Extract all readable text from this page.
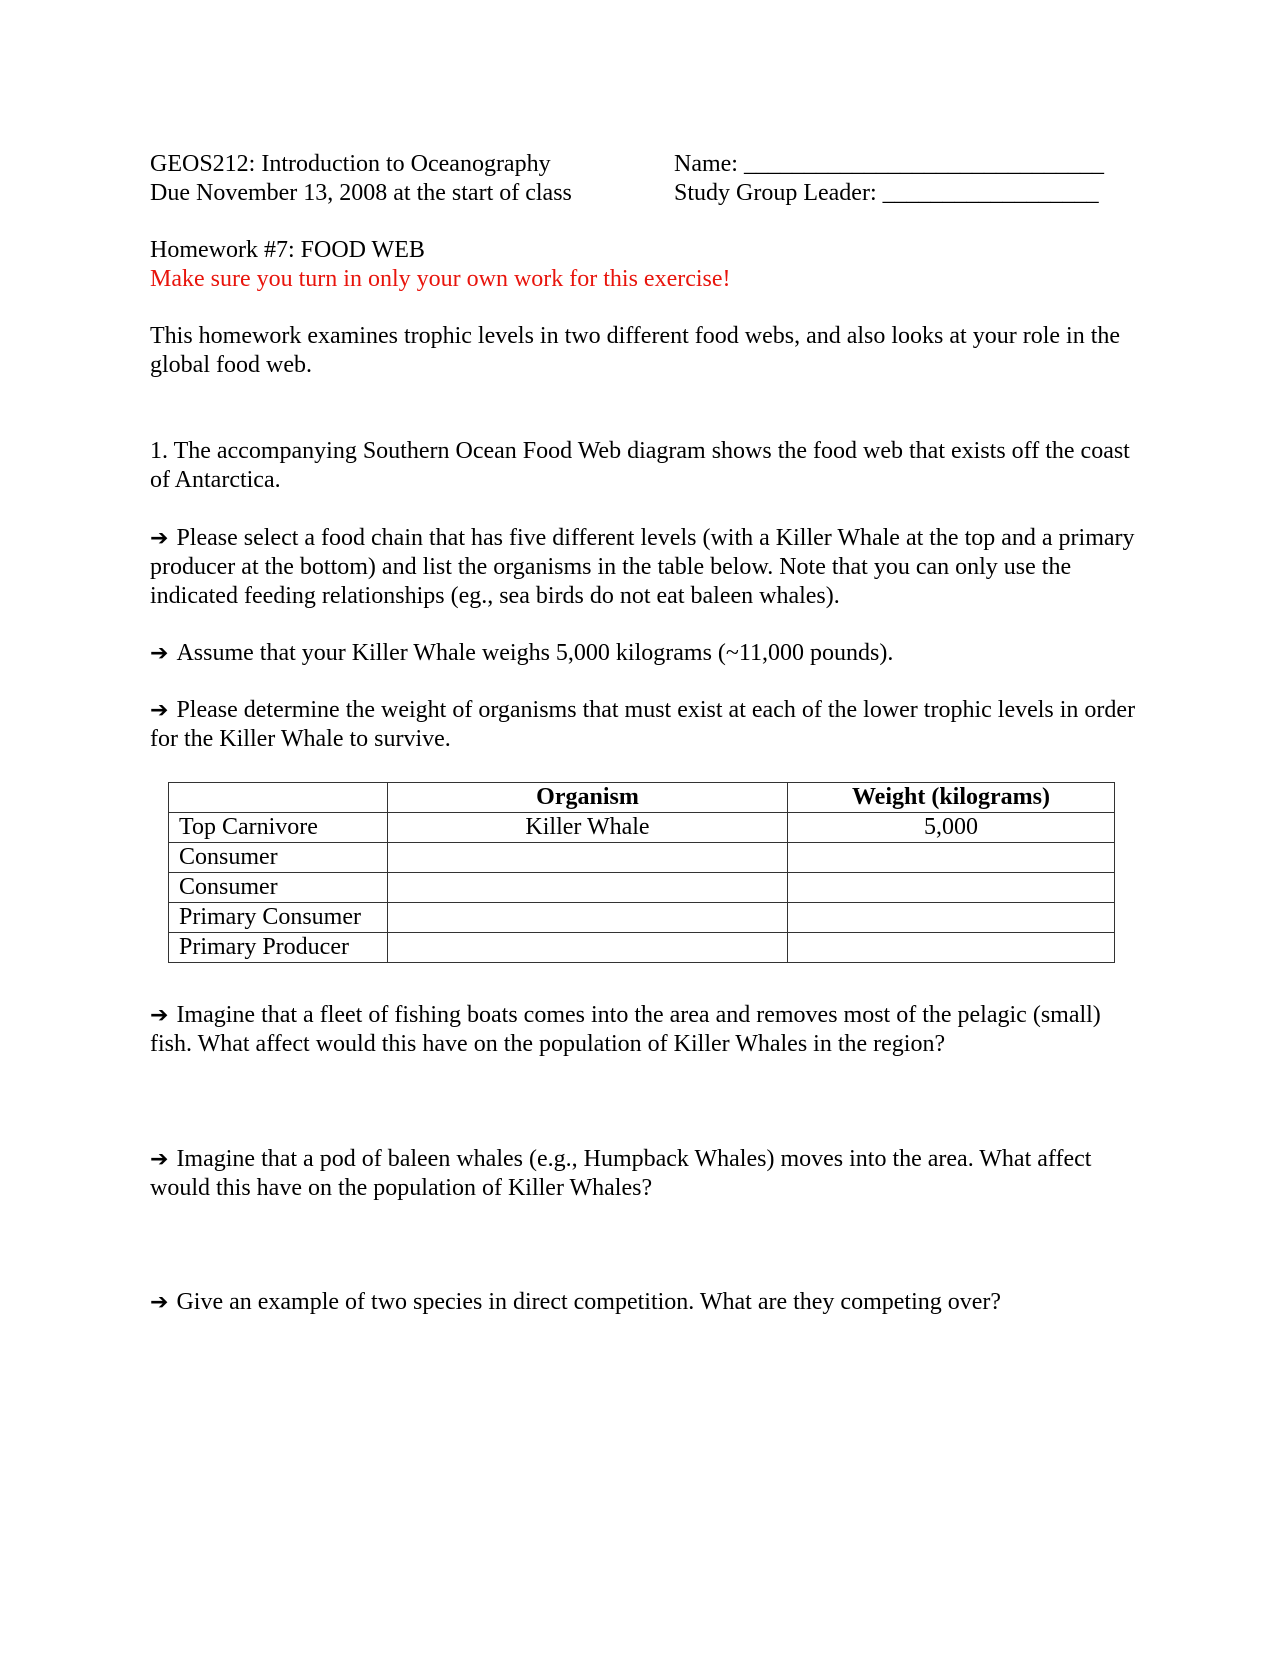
GEOS212: Introduction to Oceanography
Due November 13, 2008 at the start of class
Name: ______________________________
Study Group Leader: __________________
Homework #7: FOOD WEB
Make sure you turn in only your own work for this exercise!
This homework examines trophic levels in two different food webs, and also looks at your role in the global food web.
1. The accompanying Southern Ocean Food Web diagram shows the food web that exists off the coast of Antarctica.
➔ Please select a food chain that has five different levels (with a Killer Whale at the top and a primary producer at the bottom) and list the organisms in the table below. Note that you can only use the indicated feeding relationships (eg., sea birds do not eat baleen whales).
➔ Assume that your Killer Whale weighs 5,000 kilograms (~11,000 pounds).
➔ Please determine the weight of organisms that must exist at each of the lower trophic levels in order for the Killer Whale to survive.
	Organism	Weight (kilograms)
Top Carnivore	Killer Whale	5,000
Consumer		
Consumer		
Primary Consumer		
Primary Producer		
➔ Imagine that a fleet of fishing boats comes into the area and removes most of the pelagic (small) fish. What affect would this have on the population of Killer Whales in the region?
➔ Imagine that a pod of baleen whales (e.g., Humpback Whales) moves into the area. What affect would this have on the population of Killer Whales?
➔ Give an example of two species in direct competition. What are they competing over?
